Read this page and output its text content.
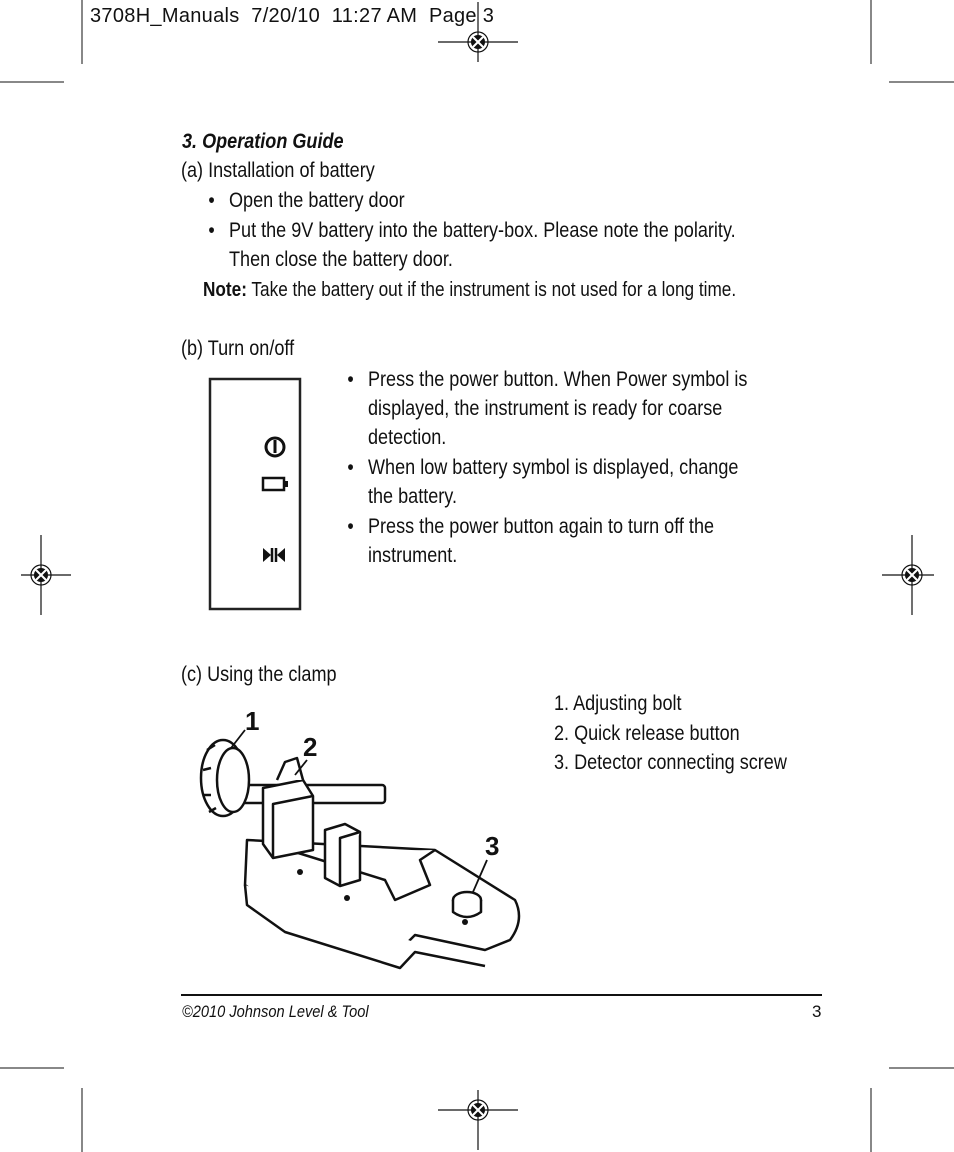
3708H_Manuals  7/20/10  11:27 AM  Page 3
3. Operation Guide
(a) Installation of battery
• Open the battery door
• Put the 9V battery into the battery-box. Please note the polarity.
Then close the battery door.
Note: Take the battery out if the instrument is not used for a long time.
(b) Turn on/off
• Press the power button. When Power symbol is
displayed, the instrument is ready for coarse
detection.
• When low battery symbol is displayed, change
the battery.
• Press the power button again to turn off the
instrument.
(c) Using the clamp
1. Adjusting bolt
2. Quick release button
3. Detector connecting screw
1
2
3
©2010 Johnson Level & Tool	3
